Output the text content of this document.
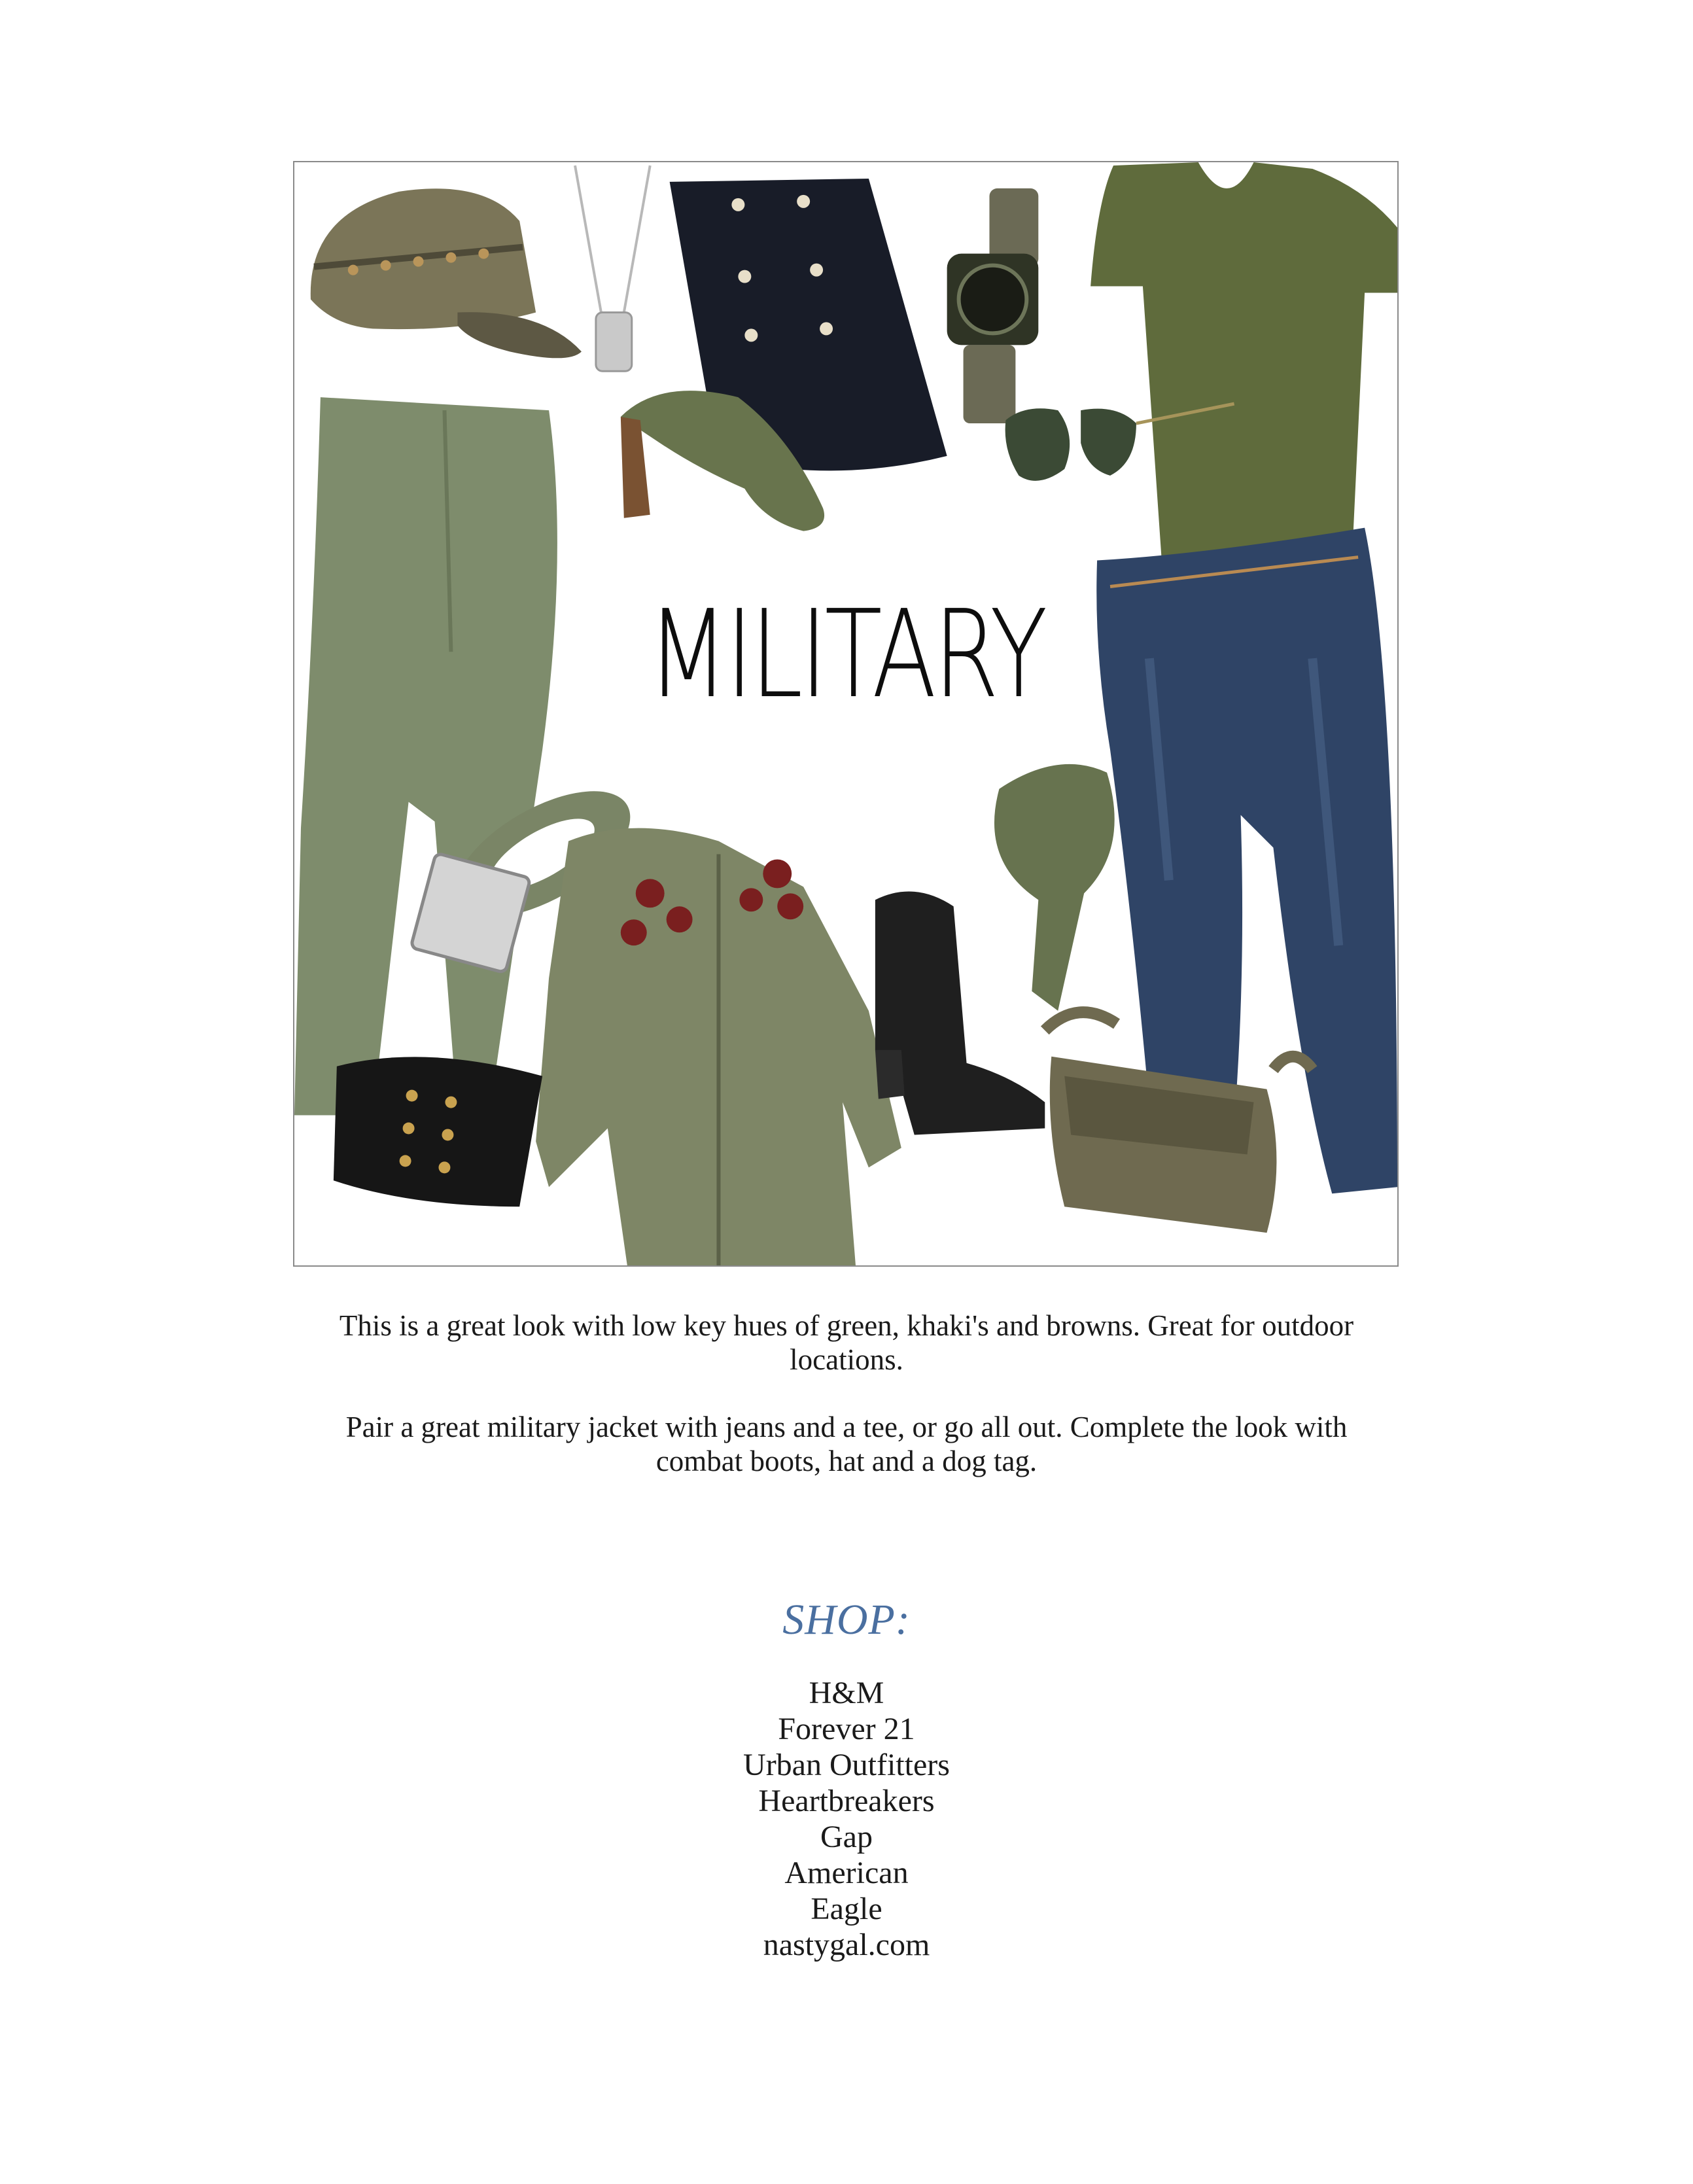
MILITARY

This is a great look with low key hues of green, khaki's and browns. Great for outdoor locations.

Pair a great military jacket with jeans and a tee, or go all out. Complete the look with combat boots, hat and a dog tag.

SHOP:
H&M
Forever 21
Urban Outfitters
Heartbreakers
Gap
American
Eagle
nastygal.com
